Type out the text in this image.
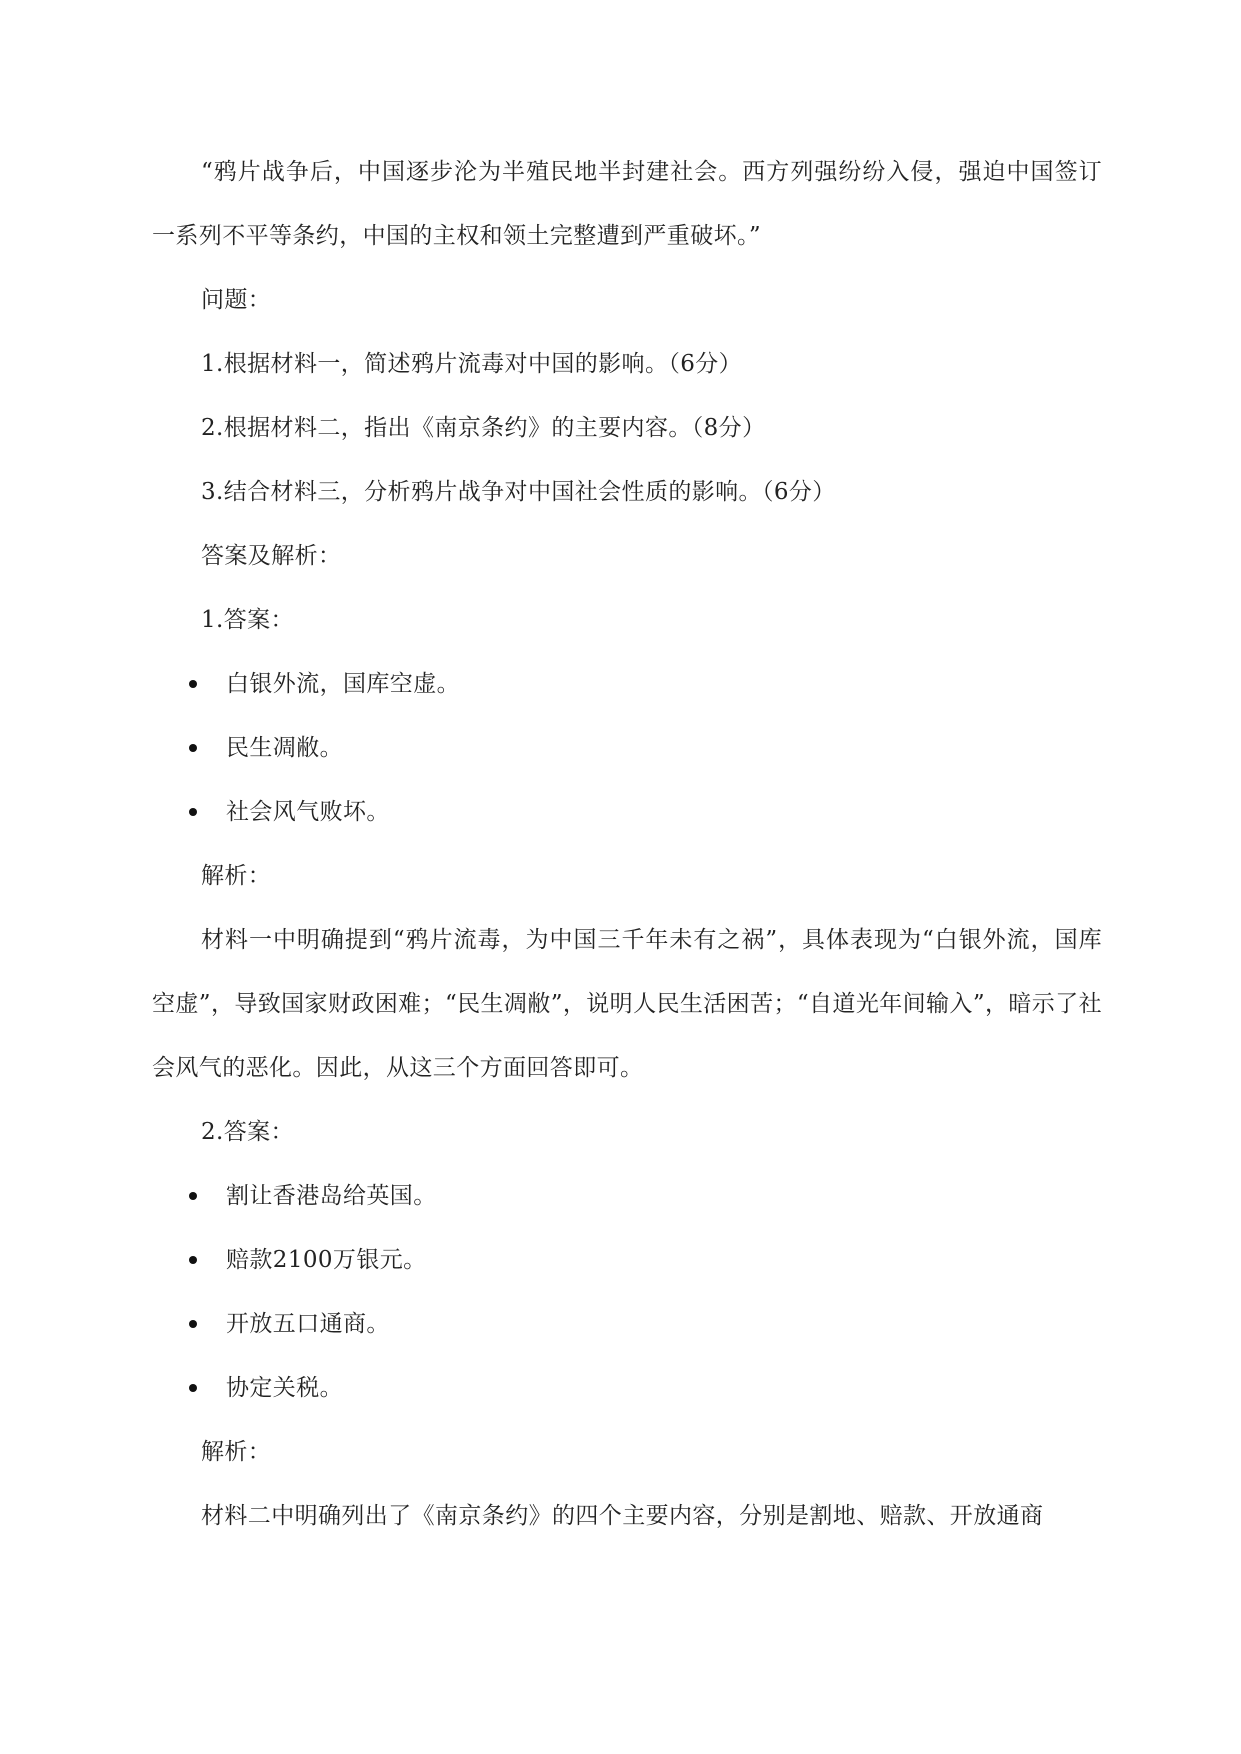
“鸦片战争后，中国逐步沦为半殖民地半封建社会。西方列强纷纷入侵，强迫中国签订一系列不平等条约，中国的主权和领土完整遭到严重破坏。”
问题：
1.根据材料一，简述鸦片流毒对中国的影响。（6分）
2.根据材料二，指出《南京条约》的主要内容。（8分）
3.结合材料三，分析鸦片战争对中国社会性质的影响。（6分）
答案及解析：
1.答案：
白银外流，国库空虚。
民生凋敝。
社会风气败坏。
解析：
材料一中明确提到“鸦片流毒，为中国三千年未有之祸”，具体表现为“白银外流，国库空虚”，导致国家财政困难；“民生凋敝”，说明人民生活困苦；“自道光年间输入”，暗示了社会风气的恶化。因此，从这三个方面回答即可。
2.答案：
割让香港岛给英国。
赔款2100万银元。
开放五口通商。
协定关税。
解析：
材料二中明确列出了《南京条约》的四个主要内容，分别是割地、赔款、开放通商
